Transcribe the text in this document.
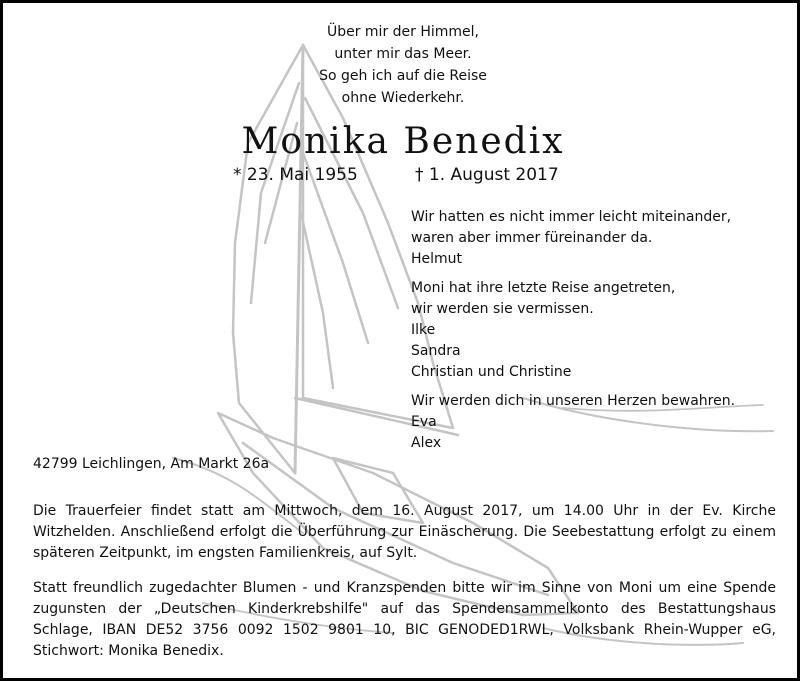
Über mir der Himmel,
unter mir das Meer.
So geh ich auf die Reise
ohne Wiederkehr.
Monika Benedix
* 23. Mai 1955	† 1. August 2017
Wir hatten es nicht immer leicht miteinander,
waren aber immer füreinander da.
Helmut
Moni hat ihre letzte Reise angetreten,
wir werden sie vermissen.
Ilke
Sandra
Christian und Christine
Wir werden dich in unseren Herzen bewahren.
Eva
Alex
42799 Leichlingen, Am Markt 26a
Die Trauerfeier findet statt am Mittwoch, dem 16. August 2017, um 14.00 Uhr in der Ev. Kirche Witzhelden. Anschließend erfolgt die Überführung zur Einäscherung. Die Seebestattung erfolgt zu einem späteren Zeitpunkt, im engsten Familienkreis, auf Sylt.
Statt freundlich zugedachter Blumen - und Kranzspenden bitte wir im Sinne von Moni um eine Spende zugunsten der „Deutschen Kinderkrebshilfe" auf das Spendensammelkonto des Bestattungshaus Schlage, IBAN DE52 3756 0092 1502 9801 10, BIC GENODED1RWL, Volksbank Rhein-Wupper eG, Stichwort: Monika Benedix.
